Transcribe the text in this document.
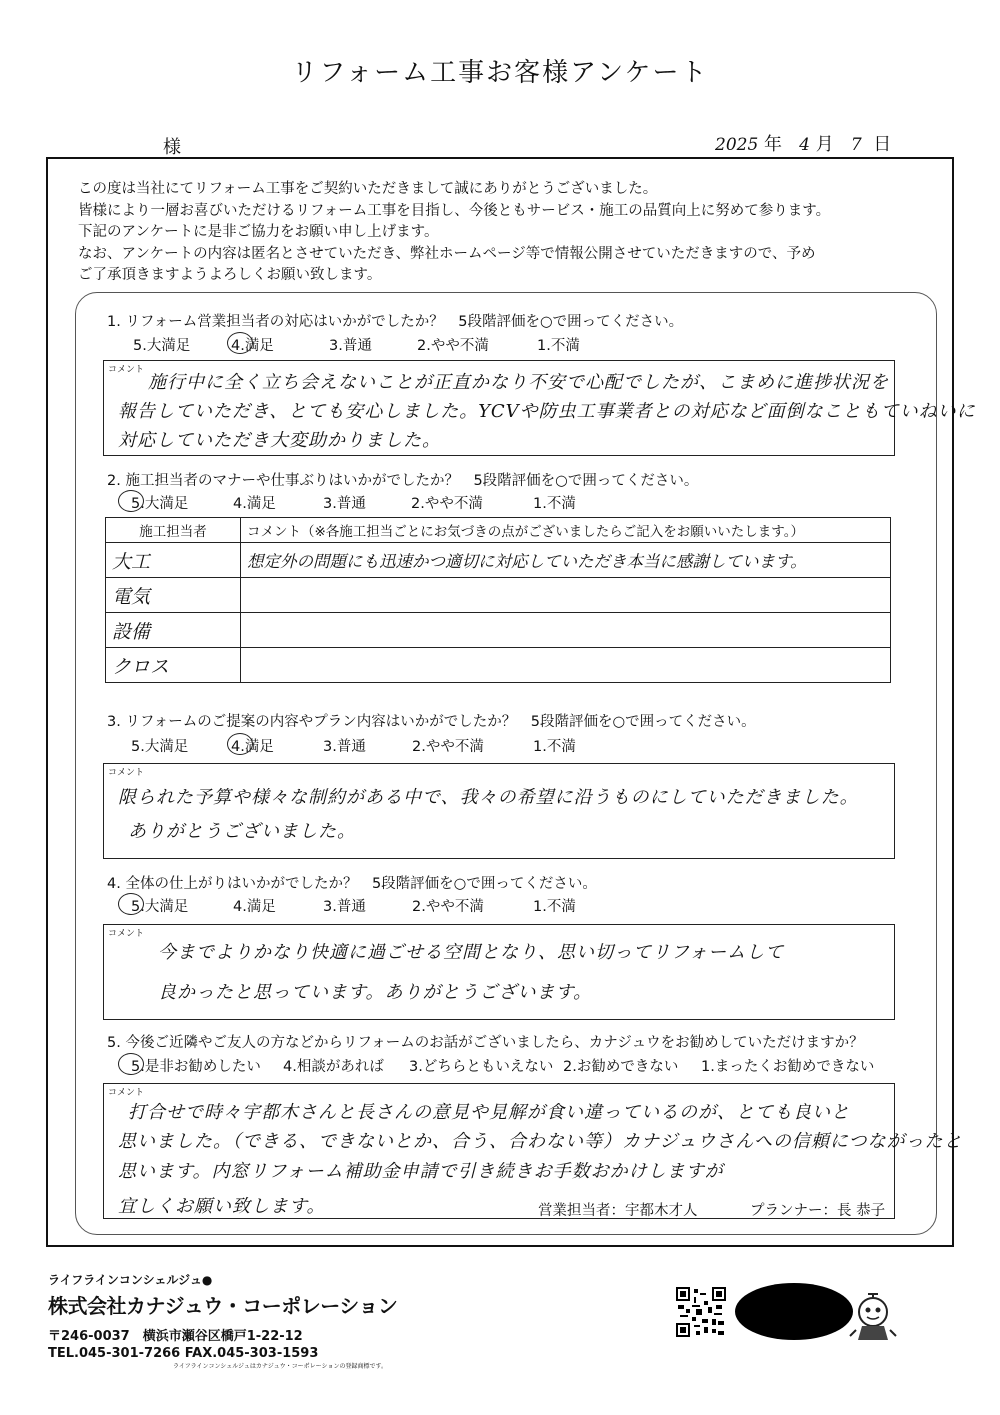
リフォーム工事お客様アンケート
様	2025 年 4 月 7 日
この度は当社にてリフォーム工事をご契約いただきまして誠にありがとうございました。
皆様により一層お喜びいただけるリフォーム工事を目指し、今後ともサービス・施工の品質向上に努めて参ります。
下記のアンケートに是非ご協力をお願い申し上げます。
なお、アンケートの内容は匿名とさせていただき、弊社ホームページ等で情報公開させていただきますので、予め
ご了承頂きますようよろしくお願い致します。
1. リフォーム営業担当者の対応はいかがでしたか？　5段階評価を○で囲ってください。
5.大満足	4.満足	3.普通	2.やや不満	1.不満
コメント
施行中に全く立ち会えないことが正直かなり不安で心配でしたが、こまめに進捗状況を
報告していただき、とても安心しました。YCVや防虫工事業者との対応など面倒なこともていねいに
対応していただき大変助かりました。
2. 施工担当者のマナーや仕事ぶりはいかがでしたか？　5段階評価を○で囲ってください。
5.大満足	4.満足	3.普通	2.やや不満	1.不満
施工担当者	コメント（※各施工担当ごとにお気づきの点がございましたらご記入をお願いいたします。）
大工	想定外の問題にも迅速かつ適切に対応していただき本当に感謝しています。
電気	
設備	
クロス	
3. リフォームのご提案の内容やプラン内容はいかがでしたか？　5段階評価を○で囲ってください。
5.大満足	4.満足	3.普通	2.やや不満	1.不満
コメント
限られた予算や様々な制約がある中で、我々の希望に沿うものにしていただきました。
ありがとうございました。
4. 全体の仕上がりはいかがでしたか？　5段階評価を○で囲ってください。
5.大満足	4.満足	3.普通	2.やや不満	1.不満
コメント
今までよりかなり快適に過ごせる空間となり、思い切ってリフォームして
良かったと思っています。ありがとうございます。
5. 今後ご近隣やご友人の方などからリフォームのお話がございましたら、カナジュウをお勧めしていただけますか？
5.是非お勧めしたい 4.相談があれば 3.どちらともいえない 2.お勧めできない 1.まったくお勧めできない
コメント
打合せで時々宇都木さんと長さんの意見や見解が食い違っているのが、とても良いと
思いました。（できる、できないとか、合う、合わない等）カナジュウさんへの信頼につながったと
思います。内窓リフォーム補助金申請で引き続きお手数おかけしますが
宜しくお願い致します。	営業担当者：宇都木才人	プランナー：長 恭子
ライフラインコンシェルジュ●
株式会社カナジュウ・コーポレーション
〒246-0037　横浜市瀬谷区橋戸1-22-12
TEL.045-301-7266 FAX.045-303-1593
ライフラインコンシェルジュはカナジュウ・コーポレーションの登録商標です。
